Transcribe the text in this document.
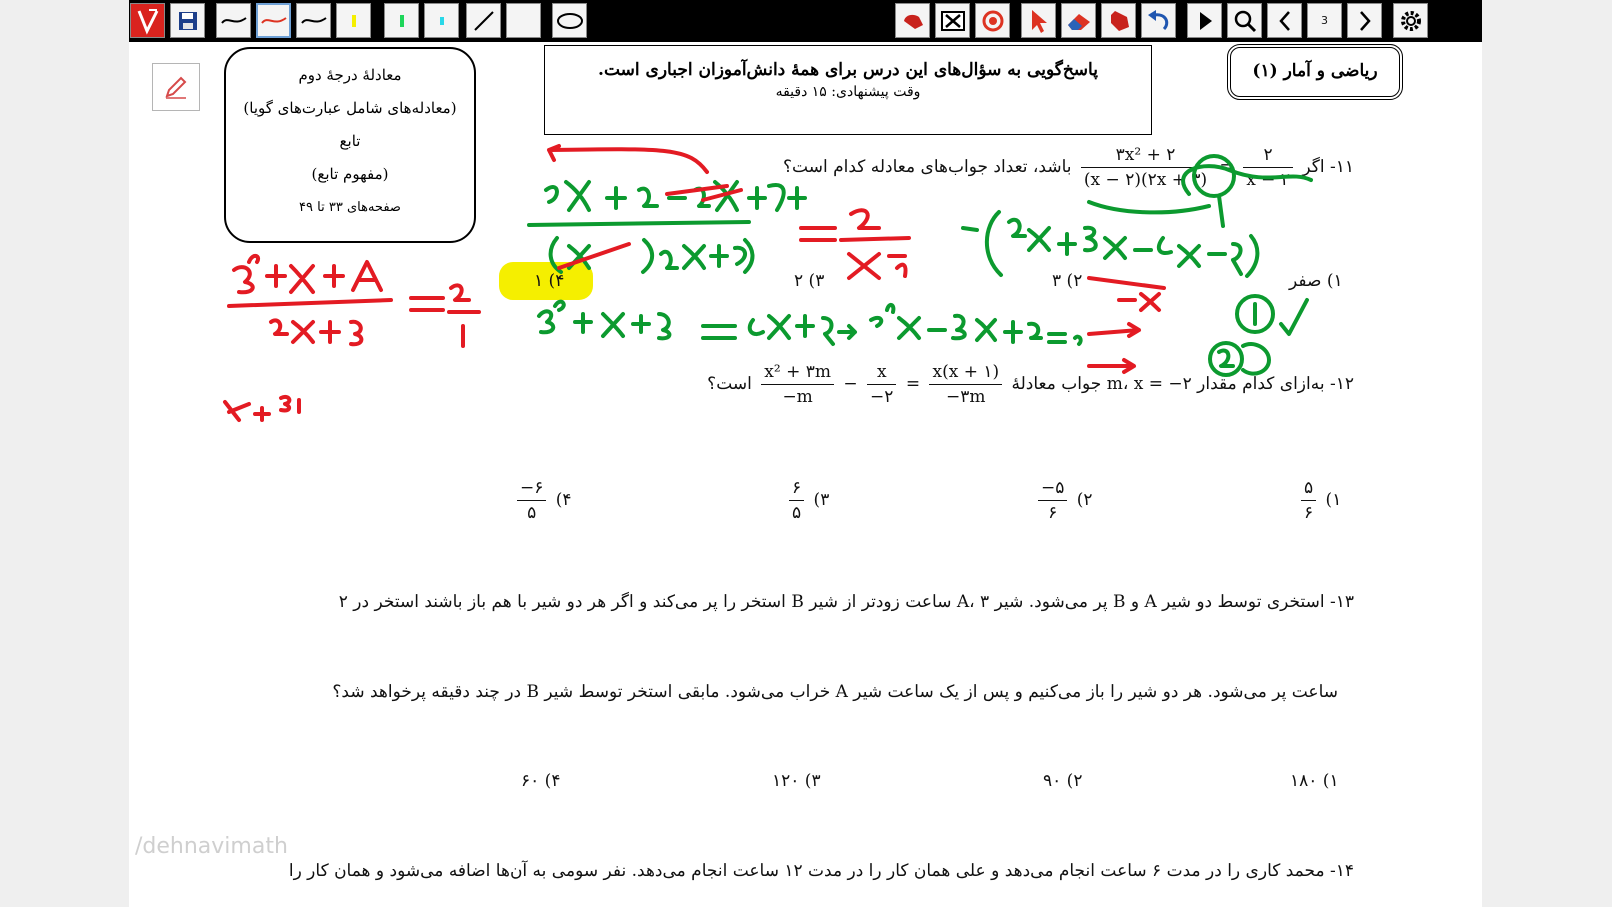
3
معادلهٔ درجهٔ دوم
(معادله‌های شامل عبارت‌های گویا)
تابع
(مفهوم تابع)
صفحه‌های ۳۳ تا ۴۹
پاسخ‌گویی به سؤال‌های این درس برای همهٔ دانش‌آموزان اجباری است.
وقت پیشنهادی: ۱۵ دقیقه
ریاضی و آمار (۱)
۱۱- اگر
$\frac{۲}{x - ۲}$
=
$\frac{\text{۳x² + ۲}}{(x - ۲)(۲x + ۳)}$
باشد، تعداد جواب‌های معادله کدام است؟
۱) صفر
۲) ۳
۳) ۲
۴) ۱
۱۲- به‌ازای کدام مقدار m، x = −۲ جواب معادلهٔ
$\frac{x(x + ۱)}{-۳m}$
=
$\frac{x}{-۲}$
−
$\frac{\text{x² + ۳m}}{-m}$
است؟
۱)
$\frac{۵}{۶}$
۲)
$\frac{-۵}{۶}$
۳)
$\frac{۶}{۵}$
۴)
$\frac{-۶}{۵}$
۱۳- استخری توسط دو شیر A و B پر می‌شود. شیر A، ۳ ساعت زودتر از شیر B استخر را پر می‌کند و اگر هر دو شیر با هم باز باشند استخر در ۲
ساعت پر می‌شود. هر دو شیر را باز می‌کنیم و پس از یک ساعت شیر A خراب می‌شود. مابقی استخر توسط شیر B در چند دقیقه پرخواهد شد؟
۱) ۱۸۰
۲) ۹۰
۳) ۱۲۰
۴) ۶۰
۱۴- محمد کاری را در مدت ۶ ساعت انجام می‌دهد و علی همان کار را در مدت ۱۲ ساعت انجام می‌دهد. نفر سومی به آن‌ها اضافه می‌شود و همان کار را
/dehnavimath
